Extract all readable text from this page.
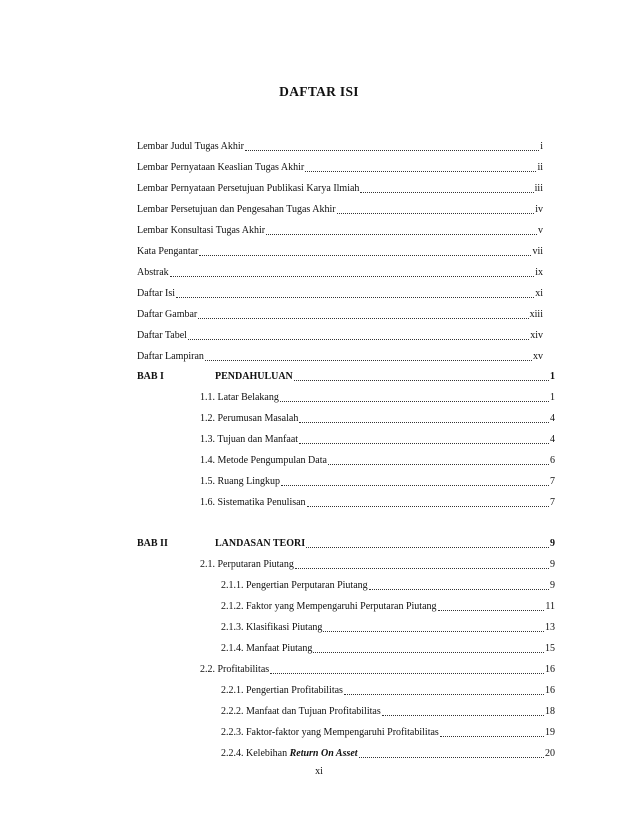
DAFTAR ISI
Lembar Judul Tugas Akhir	i
Lembar Pernyataan Keaslian Tugas Akhir	ii
Lembar Pernyataan Persetujuan Publikasi Karya Ilmiah	iii
Lembar Persetujuan dan Pengesahan Tugas Akhir	iv
Lembar Konsultasi Tugas Akhir	v
Kata Pengantar	vii
Abstrak	ix
Daftar Isi	xi
Daftar Gambar	xiii
Daftar Tabel	xiv
Daftar Lampiran	xv
BAB I	PENDAHULUAN	1
1.1. Latar Belakang	1
1.2. Perumusan Masalah	4
1.3. Tujuan dan Manfaat	4
1.4. Metode Pengumpulan Data	6
1.5. Ruang Lingkup	7
1.6. Sistematika Penulisan	7
BAB II	LANDASAN TEORI	9
2.1. Perputaran Piutang	9
2.1.1. Pengertian Perputaran Piutang	9
2.1.2. Faktor yang Mempengaruhi Perputaran Piutang	11
2.1.3. Klasifikasi Piutang	13
2.1.4. Manfaat Piutang	15
2.2. Profitabilitas	16
2.2.1. Pengertian Profitabilitas	16
2.2.2. Manfaat dan Tujuan Profitabilitas	18
2.2.3. Faktor-faktor yang Mempengaruhi Profitabilitas	19
2.2.4. Kelebihan Return On Asset	20
xi
